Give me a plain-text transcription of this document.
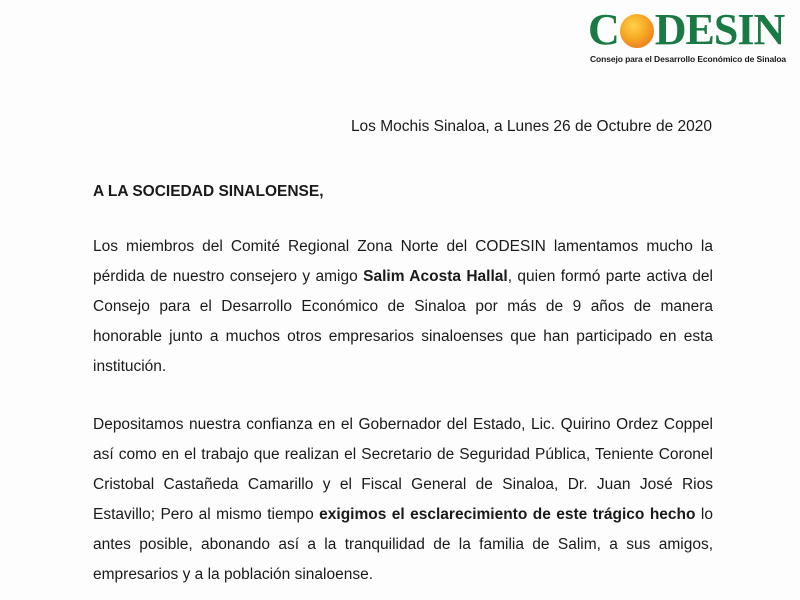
C DESIN
Consejo para el Desarrollo Económico de Sinaloa
Los Mochis Sinaloa, a Lunes 26 de Octubre de 2020
A LA SOCIEDAD SINALOENSE,
Los miembros del Comité Regional Zona Norte del CODESIN lamentamos mucho la pérdida de nuestro consejero y amigo Salim Acosta Hallal, quien formó parte activa del Consejo para el Desarrollo Económico de Sinaloa por más de 9 años de manera honorable junto a muchos otros empresarios sinaloenses que han participado en esta institución.
Depositamos nuestra confianza en el Gobernador del Estado, Lic. Quirino Ordez Coppel así como en el trabajo que realizan el Secretario de Seguridad Pública, Teniente Coronel Cristobal Castañeda Camarillo y el Fiscal General de Sinaloa, Dr. Juan José Rios Estavillo; Pero al mismo tiempo exigimos el esclarecimiento de este trágico hecho lo antes posible, abonando así a la tranquilidad de la familia de Salim, a sus amigos, empresarios y a la población sinaloense.
